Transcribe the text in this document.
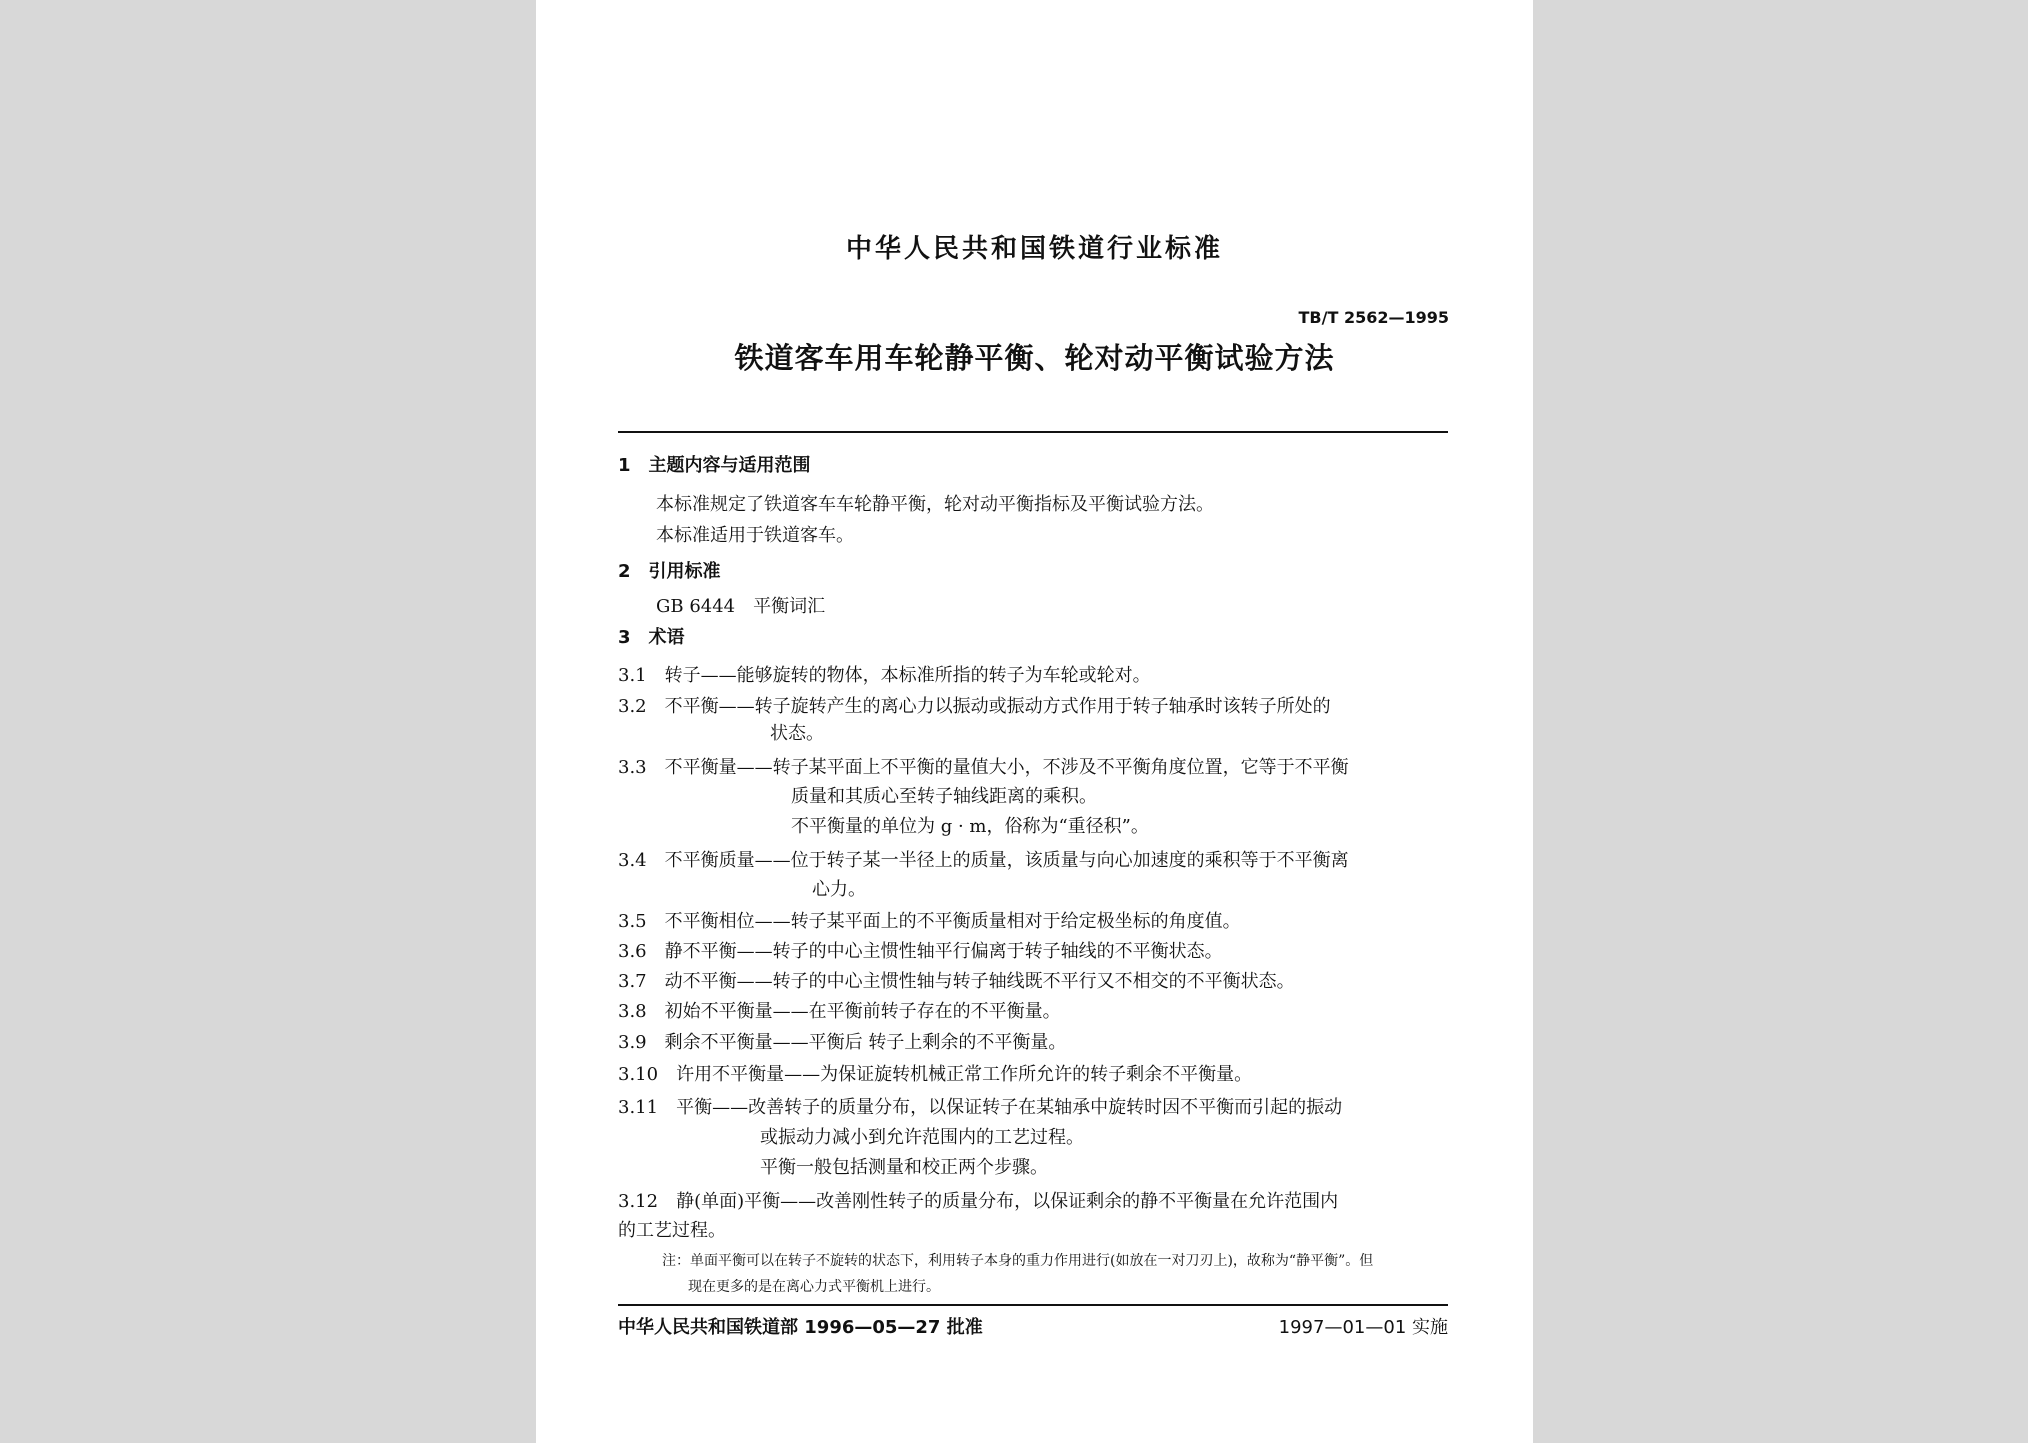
中华人民共和国铁道行业标准
TB/T 2562—1995
铁道客车用车轮静平衡、轮对动平衡试验方法
1　主题内容与适用范围
本标准规定了铁道客车车轮静平衡，轮对动平衡指标及平衡试验方法。
本标准适用于铁道客车。
2　引用标准
GB 6444　平衡词汇
3　术语
3.1　转子——能够旋转的物体，本标准所指的转子为车轮或轮对。
3.2　不平衡——转子旋转产生的离心力以振动或振动方式作用于转子轴承时该转子所处的
状态。
3.3　不平衡量——转子某平面上不平衡的量值大小，不涉及不平衡角度位置，它等于不平衡
质量和其质心至转子轴线距离的乘积。
不平衡量的单位为 g · m，俗称为“重径积”。
3.4　不平衡质量——位于转子某一半径上的质量，该质量与向心加速度的乘积等于不平衡离
心力。
3.5　不平衡相位——转子某平面上的不平衡质量相对于给定极坐标的角度值。
3.6　静不平衡——转子的中心主惯性轴平行偏离于转子轴线的不平衡状态。
3.7　动不平衡——转子的中心主惯性轴与转子轴线既不平行又不相交的不平衡状态。
3.8　初始不平衡量——在平衡前转子存在的不平衡量。
3.9　剩余不平衡量——平衡后 转子上剩余的不平衡量。
3.10　许用不平衡量——为保证旋转机械正常工作所允许的转子剩余不平衡量。
3.11　平衡——改善转子的质量分布，以保证转子在某轴承中旋转时因不平衡而引起的振动
或振动力减小到允许范围内的工艺过程。
平衡一般包括测量和校正两个步骤。
3.12　静(单面)平衡——改善刚性转子的质量分布，以保证剩余的静不平衡量在允许范围内
的工艺过程。
注：单面平衡可以在转子不旋转的状态下，利用转子本身的重力作用进行(如放在一对刀刃上)，故称为“静平衡”。但
现在更多的是在离心力式平衡机上进行。
中华人民共和国铁道部 1996—05—27 批准	1997—01—01 实施
